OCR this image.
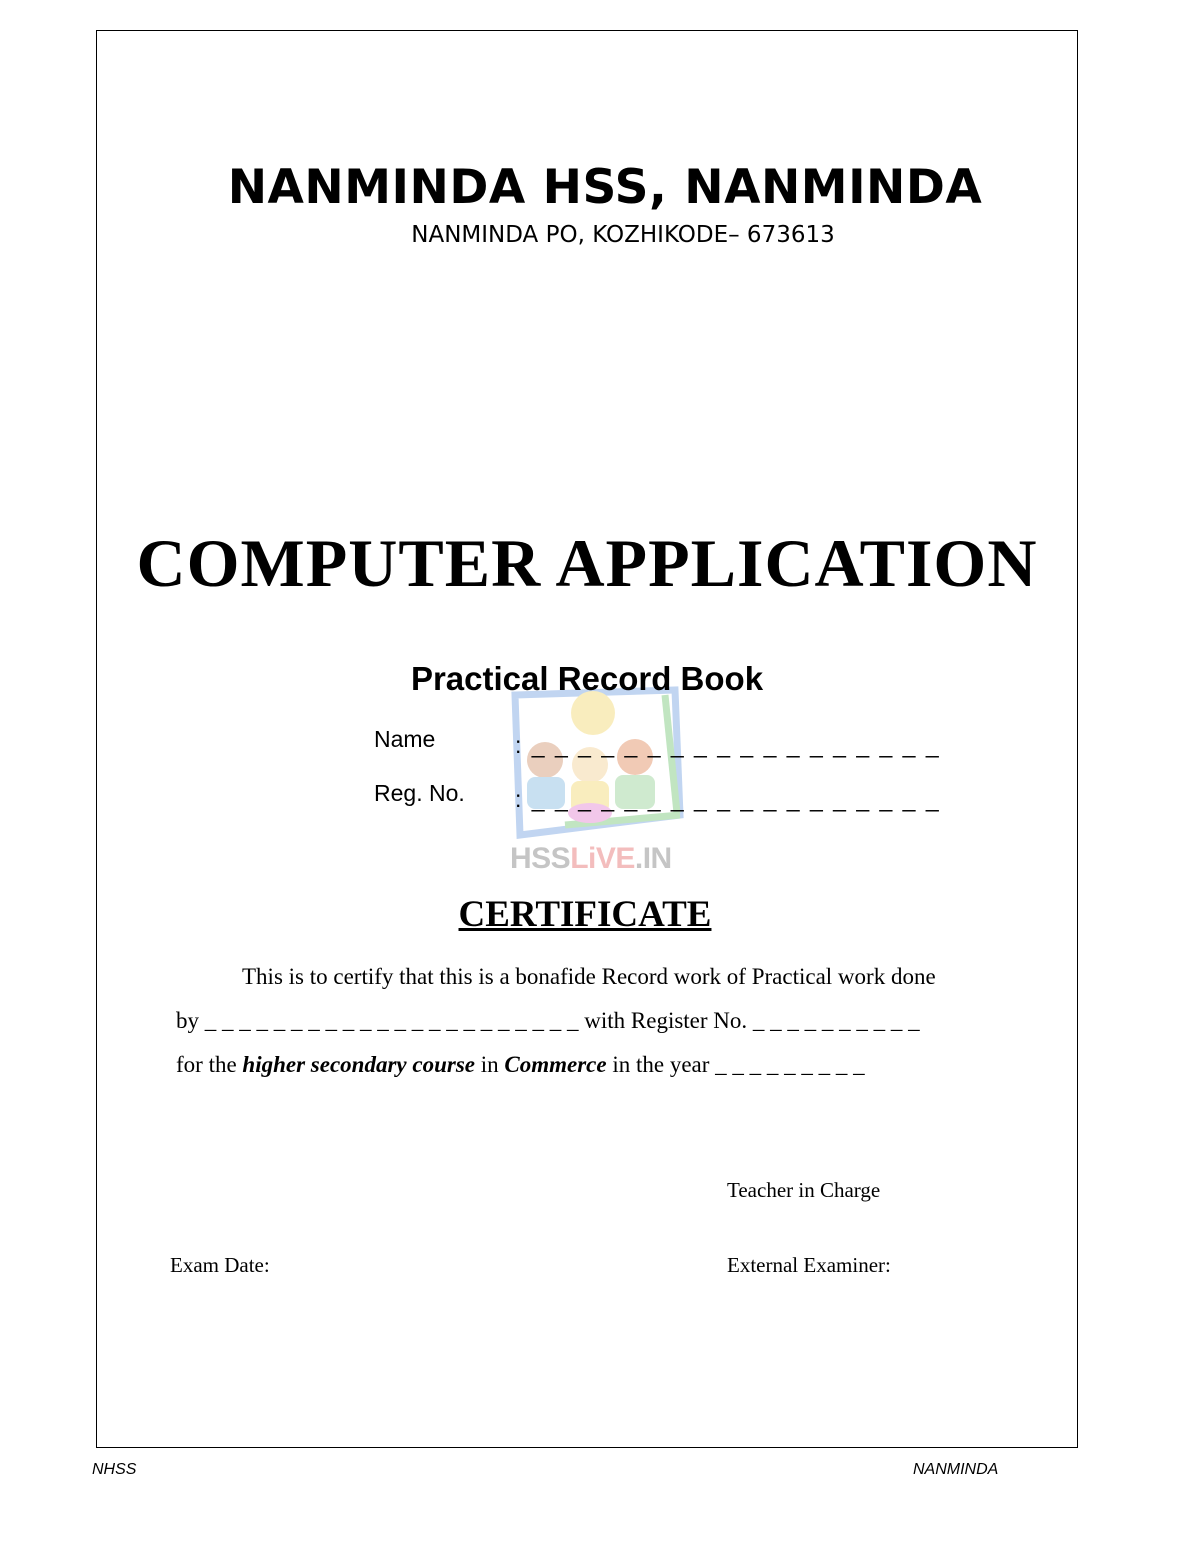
NANMINDA HSS, NANMINDA
NANMINDA PO, KOZHIKODE– 673613
COMPUTER APPLICATION
HSSLiVE.IN
Practical Record Book
Name	: _ _ _ _ _ _ _ _ _ _ _ _ _ _ _ _ _ _
Reg. No. : _ _ _ _ _ _ _ _ _ _ _ _ _ _ _ _ _ _
CERTIFICATE
This is to certify that this is a bonafide Record work of Practical work done
by _ _ _ _ _ _ _ _ _ _ _ _ _ _ _ _ _ _ _ _ _ _ with Register No. _ _ _ _ _ _ _ _ _ _
for the higher secondary course in Commerce in the year _ _ _ _ _ _ _ _ _
Teacher in Charge
Exam Date:	External Examiner:
NHSS	NANMINDA
